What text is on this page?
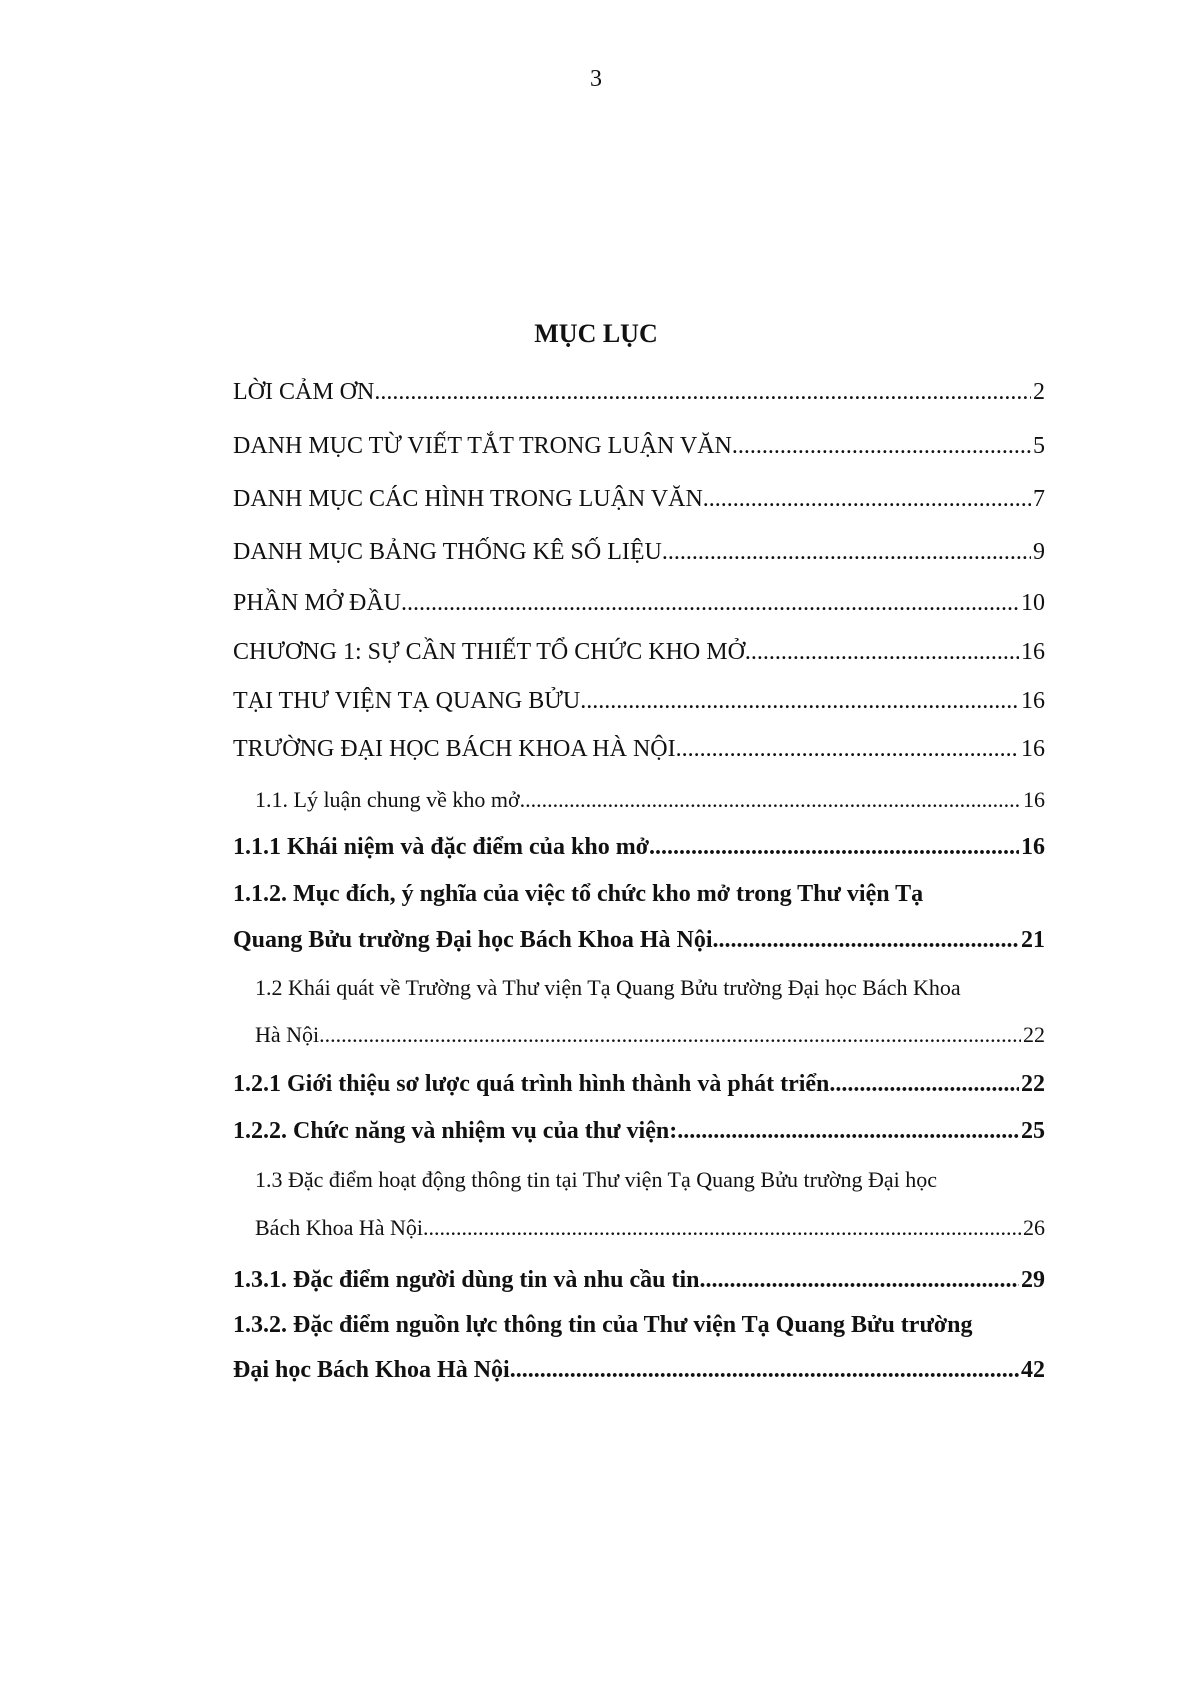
3
MỤC LỤC
LỜI CẢM ƠN .....	2
DANH MỤC TỪ VIẾT TẮT TRONG LUẬN VĂN .....	5
DANH MỤC CÁC HÌNH TRONG LUẬN VĂN .....	7
DANH MỤC BẢNG THỐNG KÊ SỐ LIỆU .....	9
PHẦN MỞ ĐẦU .....	10
CHƯƠNG 1: SỰ CẦN THIẾT TỔ CHỨC KHO MỞ .....	16
TẠI THƯ VIỆN TẠ QUANG BỬU .....	16
TRƯỜNG ĐẠI HỌC BÁCH KHOA HÀ NỘI .....	16
1.1. Lý luận chung về kho mở .....	16
1.1.1 Khái niệm và đặc điểm của kho mở. .....	16
1.1.2. Mục đích, ý nghĩa của việc tổ chức kho mở trong Thư viện Tạ
Quang Bửu trường Đại học Bách Khoa Hà Nội. .....	21
1.2 Khái quát về Trường và Thư viện Tạ Quang Bửu trường Đại học Bách Khoa
Hà Nội .....	22
1.2.1 Giới thiệu sơ lược quá trình hình thành và phát triển .....	22
1.2.2. Chức năng và nhiệm vụ của thư viện: .....	25
1.3 Đặc điểm hoạt động thông tin tại Thư viện Tạ Quang Bửu trường Đại học
Bách Khoa Hà Nội. .....	26
1.3.1. Đặc điểm người dùng tin và nhu cầu tin .....	29
1.3.2. Đặc điểm nguồn lực thông tin của Thư viện Tạ Quang Bửu trường
Đại học Bách Khoa Hà Nội. .....	42
